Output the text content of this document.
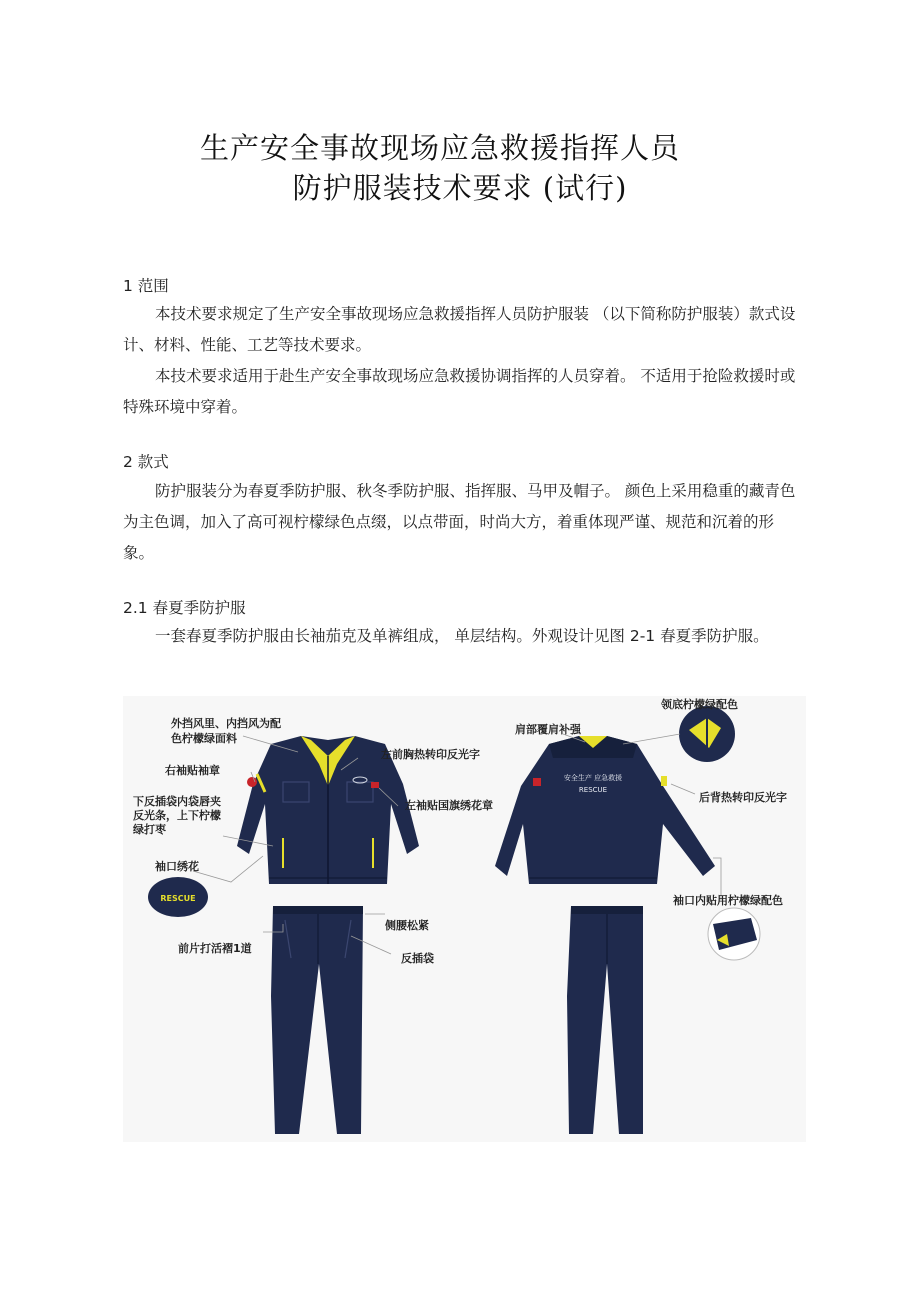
生产安全事故现场应急救援指挥人员
防护服装技术要求 (试行)
1 范围

本技术要求规定了生产安全事故现场应急救援指挥人员防护服装 （以下简称防护服装）款式设计、材料、性能、工艺等技术要求。

本技术要求适用于赴生产安全事故现场应急救援协调指挥的人员穿着。 不适用于抢险救援时或特殊环境中穿着。

2 款式

防护服装分为春夏季防护服、秋冬季防护服、指挥服、马甲及帽子。 颜色上采用稳重的藏青色为主色调，加入了高可视柠檬绿色点缀，以点带面，时尚大方，着重体现严谨、规范和沉着的形象。

2.1 春夏季防护服

一套春夏季防护服由长袖茄克及单裤组成， 单层结构。外观设计见图 2-1 春夏季防护服。

安全生产 应急救援
RESCUE
RESCUE
外挡风里、内挡风为配
色柠檬绿面料
右袖贴袖章
下反插袋内袋唇夹
反光条，上下柠檬
绿打枣
袖口绣花
前片打活褶1道
左前胸热转印反光字
左袖贴国旗绣花章
侧腰松紧
反插袋
肩部覆肩补强
领底柠檬绿配色
后背热转印反光字
袖口内贴用柠檬绿配色
